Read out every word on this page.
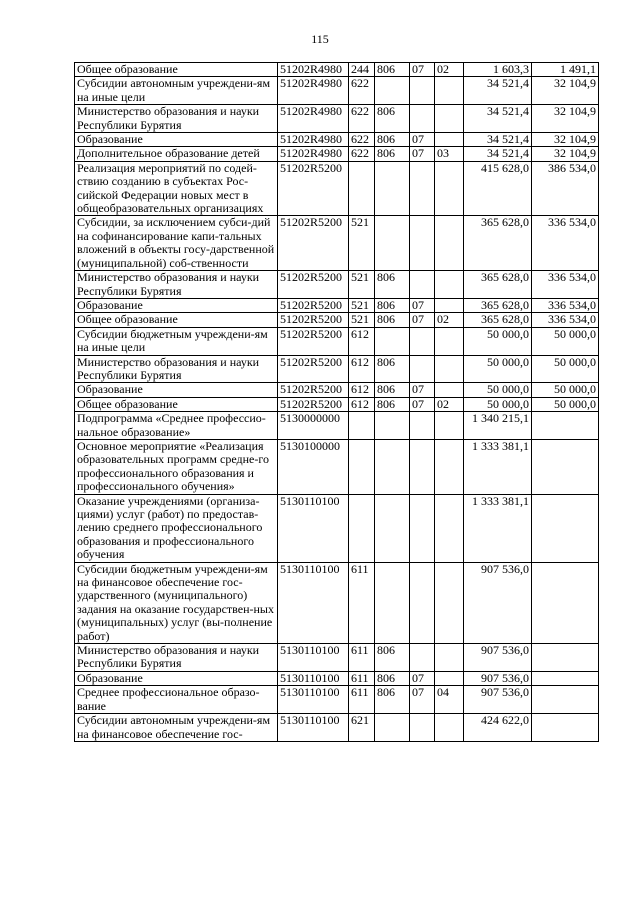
115
Общее образование	51202R4980	244	806	07	02	1 603,3	1 491,1
Субсидии автономным учреждени-ям на иные цели	51202R4980	622				34 521,4	32 104,9
Министерство образования и науки Республики Бурятия	51202R4980	622	806			34 521,4	32 104,9
Образование	51202R4980	622	806	07		34 521,4	32 104,9
Дополнительное образование детей	51202R4980	622	806	07	03	34 521,4	32 104,9
Реализация мероприятий по содей-ствию созданию в субъектах Рос-сийской Федерации новых мест в общеобразовательных организациях	51202R5200					415 628,0	386 534,0
Субсидии, за исключением субси-дий на софинансирование капи-тальных вложений в объекты госу-дарственной (муниципальной) соб-ственности	51202R5200	521				365 628,0	336 534,0
Министерство образования и науки Республики Бурятия	51202R5200	521	806			365 628,0	336 534,0
Образование	51202R5200	521	806	07		365 628,0	336 534,0
Общее образование	51202R5200	521	806	07	02	365 628,0	336 534,0
Субсидии бюджетным учреждени-ям на иные цели	51202R5200	612				50 000,0	50 000,0
Министерство образования и науки Республики Бурятия	51202R5200	612	806			50 000,0	50 000,0
Образование	51202R5200	612	806	07		50 000,0	50 000,0
Общее образование	51202R5200	612	806	07	02	50 000,0	50 000,0
Подпрограмма «Среднее профессио-нальное образование»	5130000000					1 340 215,1	
Основное мероприятие «Реализация образовательных программ средне-го профессионального образования и профессионального обучения»	5130100000					1 333 381,1	
Оказание учреждениями (организа-циями) услуг (работ) по предостав-лению среднего профессионального образования и профессионального обучения	5130110100					1 333 381,1	
Субсидии бюджетным учреждени-ям на финансовое обеспечение гос-ударственного (муниципального) задания на оказание государствен-ных (муниципальных) услуг (вы-полнение работ)	5130110100	611				907 536,0	
Министерство образования и науки Республики Бурятия	5130110100	611	806			907 536,0	
Образование	5130110100	611	806	07		907 536,0	
Среднее профессиональное образо-вание	5130110100	611	806	07	04	907 536,0	
Субсидии автономным учреждени-ям на финансовое обеспечение гос-	5130110100	621				424 622,0	
